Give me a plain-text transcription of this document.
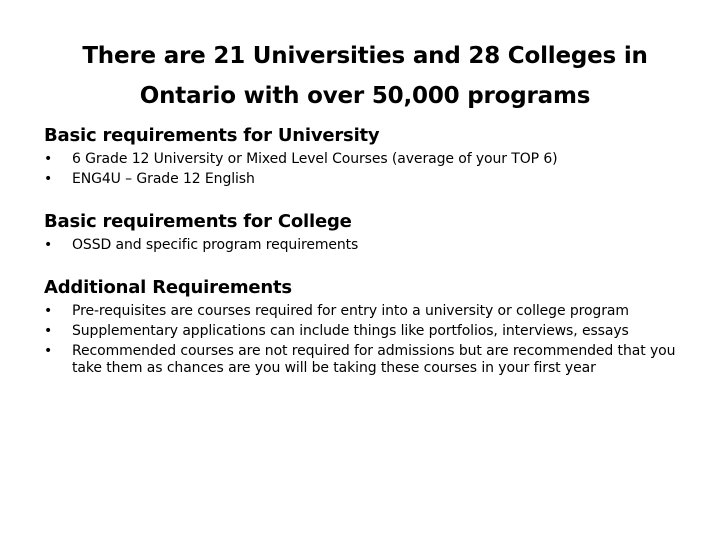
There are 21 Universities and 28 Colleges in
Ontario with over 50,000 programs

Basic requirements for University

• 6 Grade 12 University or Mixed Level Courses (average of your TOP 6)
• ENG4U – Grade 12 English

Basic requirements for College

• OSSD and specific program requirements

Additional Requirements

• Pre-requisites are courses required for entry into a university or college program
• Supplementary applications can include things like portfolios, interviews, essays
• Recommended courses are not required for admissions but are recommended that you take them as chances are you will be taking these courses in your first year
